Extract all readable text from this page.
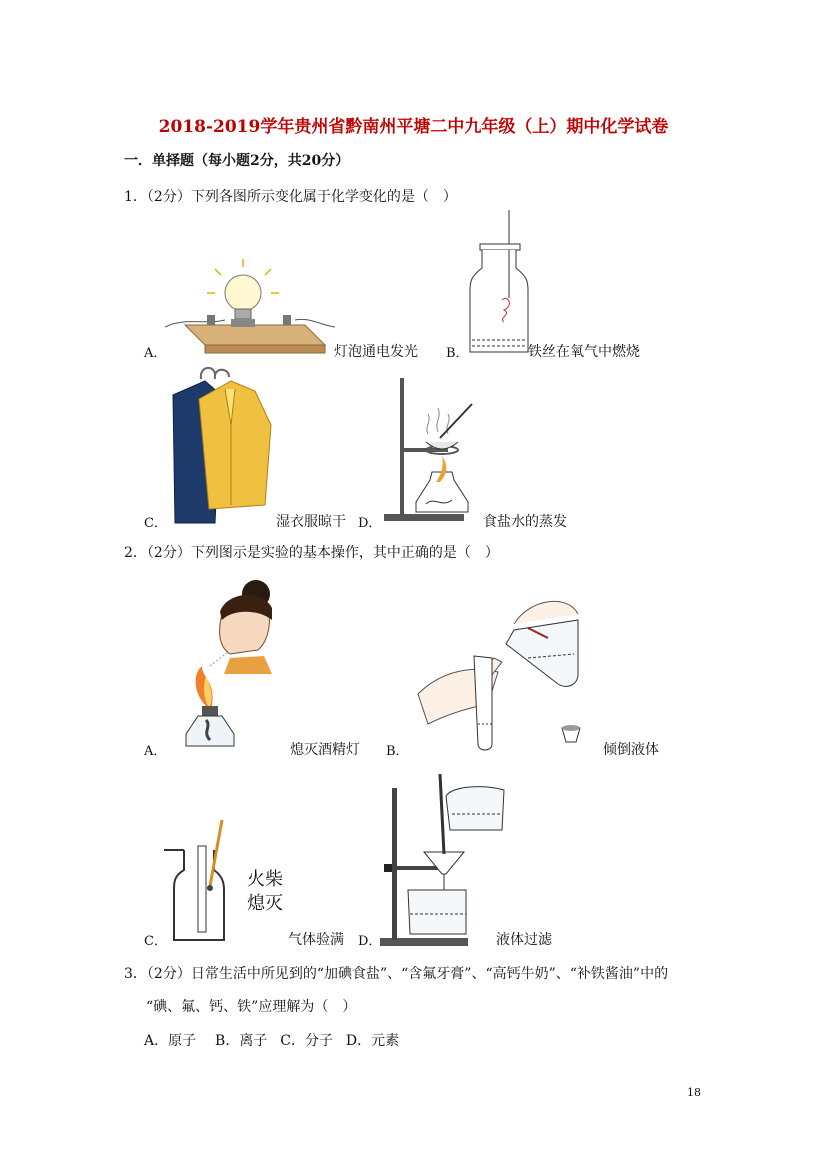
2018-2019学年贵州省黔南州平塘二中九年级（上）期中化学试卷
一．单择题（每小题2分，共20分）
1．（2分）下列各图所示变化属于化学变化的是（　）
A．	灯泡通电发光 B．	铁丝在氧气中燃烧
C．	湿衣服晾干 D．	食盐水的蒸发
2．（2分）下列图示是实验的基本操作，其中正确的是（　）
A．	熄灭酒精灯 B．	倾倒液体
火柴
熄灭
C．	气体验满 D．	液体过滤
3．（2分）日常生活中所见到的“加碘食盐”、“含氟牙膏”、“高钙牛奶”、“补铁酱油”中的
“碘、氟、钙、铁”应理解为（　）
A．原子 B．离子 C．分子 D．元素
18
